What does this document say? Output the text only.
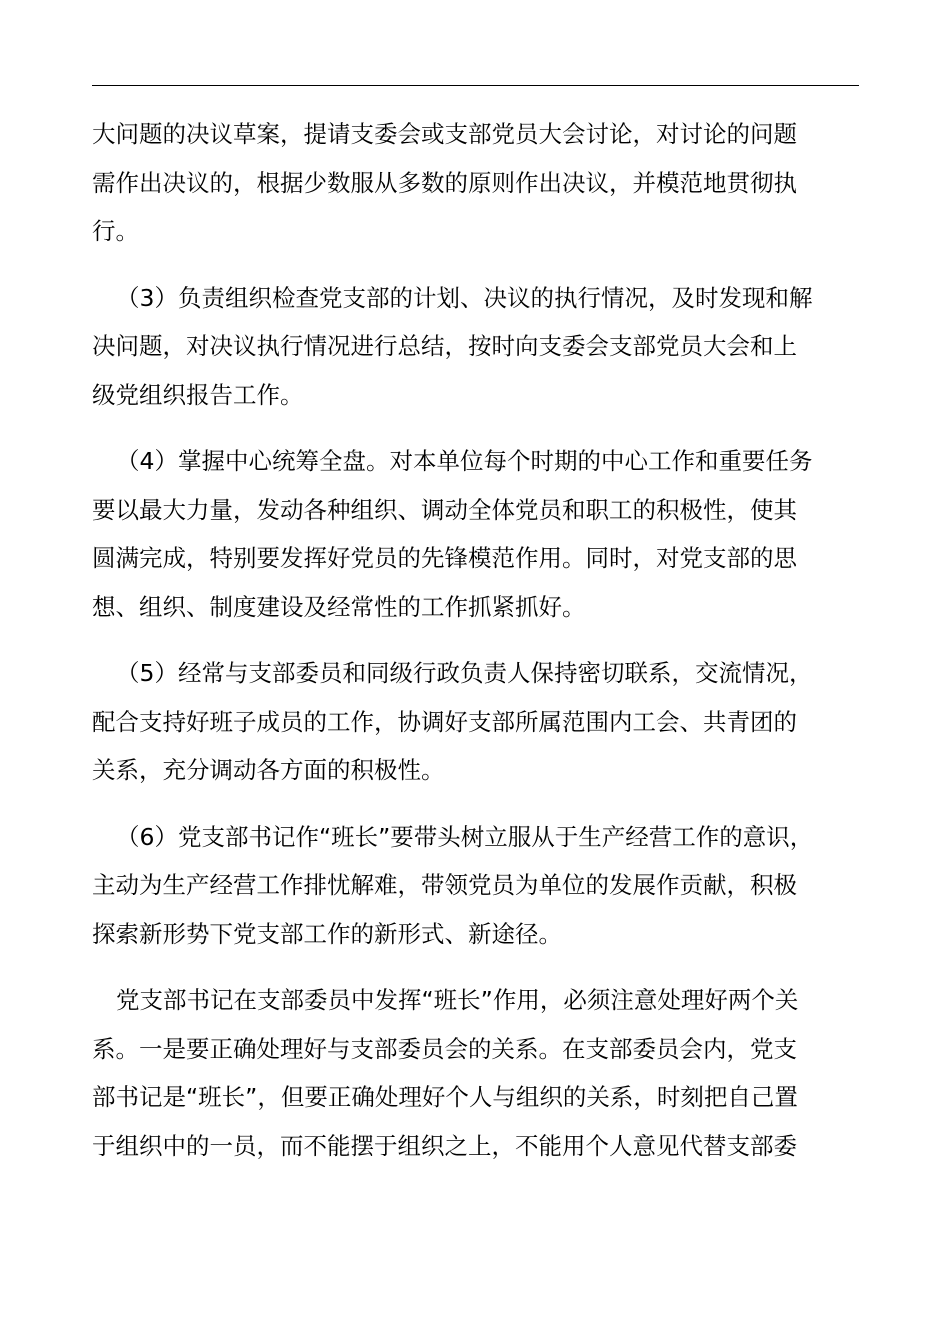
大问题的决议草案，提请支委会或支部党员大会讨论，对讨论的问题
需作出决议的，根据少数服从多数的原则作出决议，并模范地贯彻执
行。

（3）负责组织检查党支部的计划、决议的执行情况，及时发现和解
决问题，对决议执行情况进行总结，按时向支委会支部党员大会和上
级党组织报告工作。

（4）掌握中心统筹全盘。对本单位每个时期的中心工作和重要任务
要以最大力量，发动各种组织、调动全体党员和职工的积极性，使其
圆满完成，特别要发挥好党员的先锋模范作用。同时，对党支部的思
想、组织、制度建设及经常性的工作抓紧抓好。

（5）经常与支部委员和同级行政负责人保持密切联系，交流情况，
配合支持好班子成员的工作，协调好支部所属范围内工会、共青团的
关系，充分调动各方面的积极性。

（6）党支部书记作“班长”要带头树立服从于生产经营工作的意识，
主动为生产经营工作排忧解难，带领党员为单位的发展作贡献，积极
探索新形势下党支部工作的新形式、新途径。

党支部书记在支部委员中发挥“班长”作用，必须注意处理好两个关
系。一是要正确处理好与支部委员会的关系。在支部委员会内，党支
部书记是“班长”，但要正确处理好个人与组织的关系，时刻把自己置
于组织中的一员，而不能摆于组织之上，不能用个人意见代替支部委
